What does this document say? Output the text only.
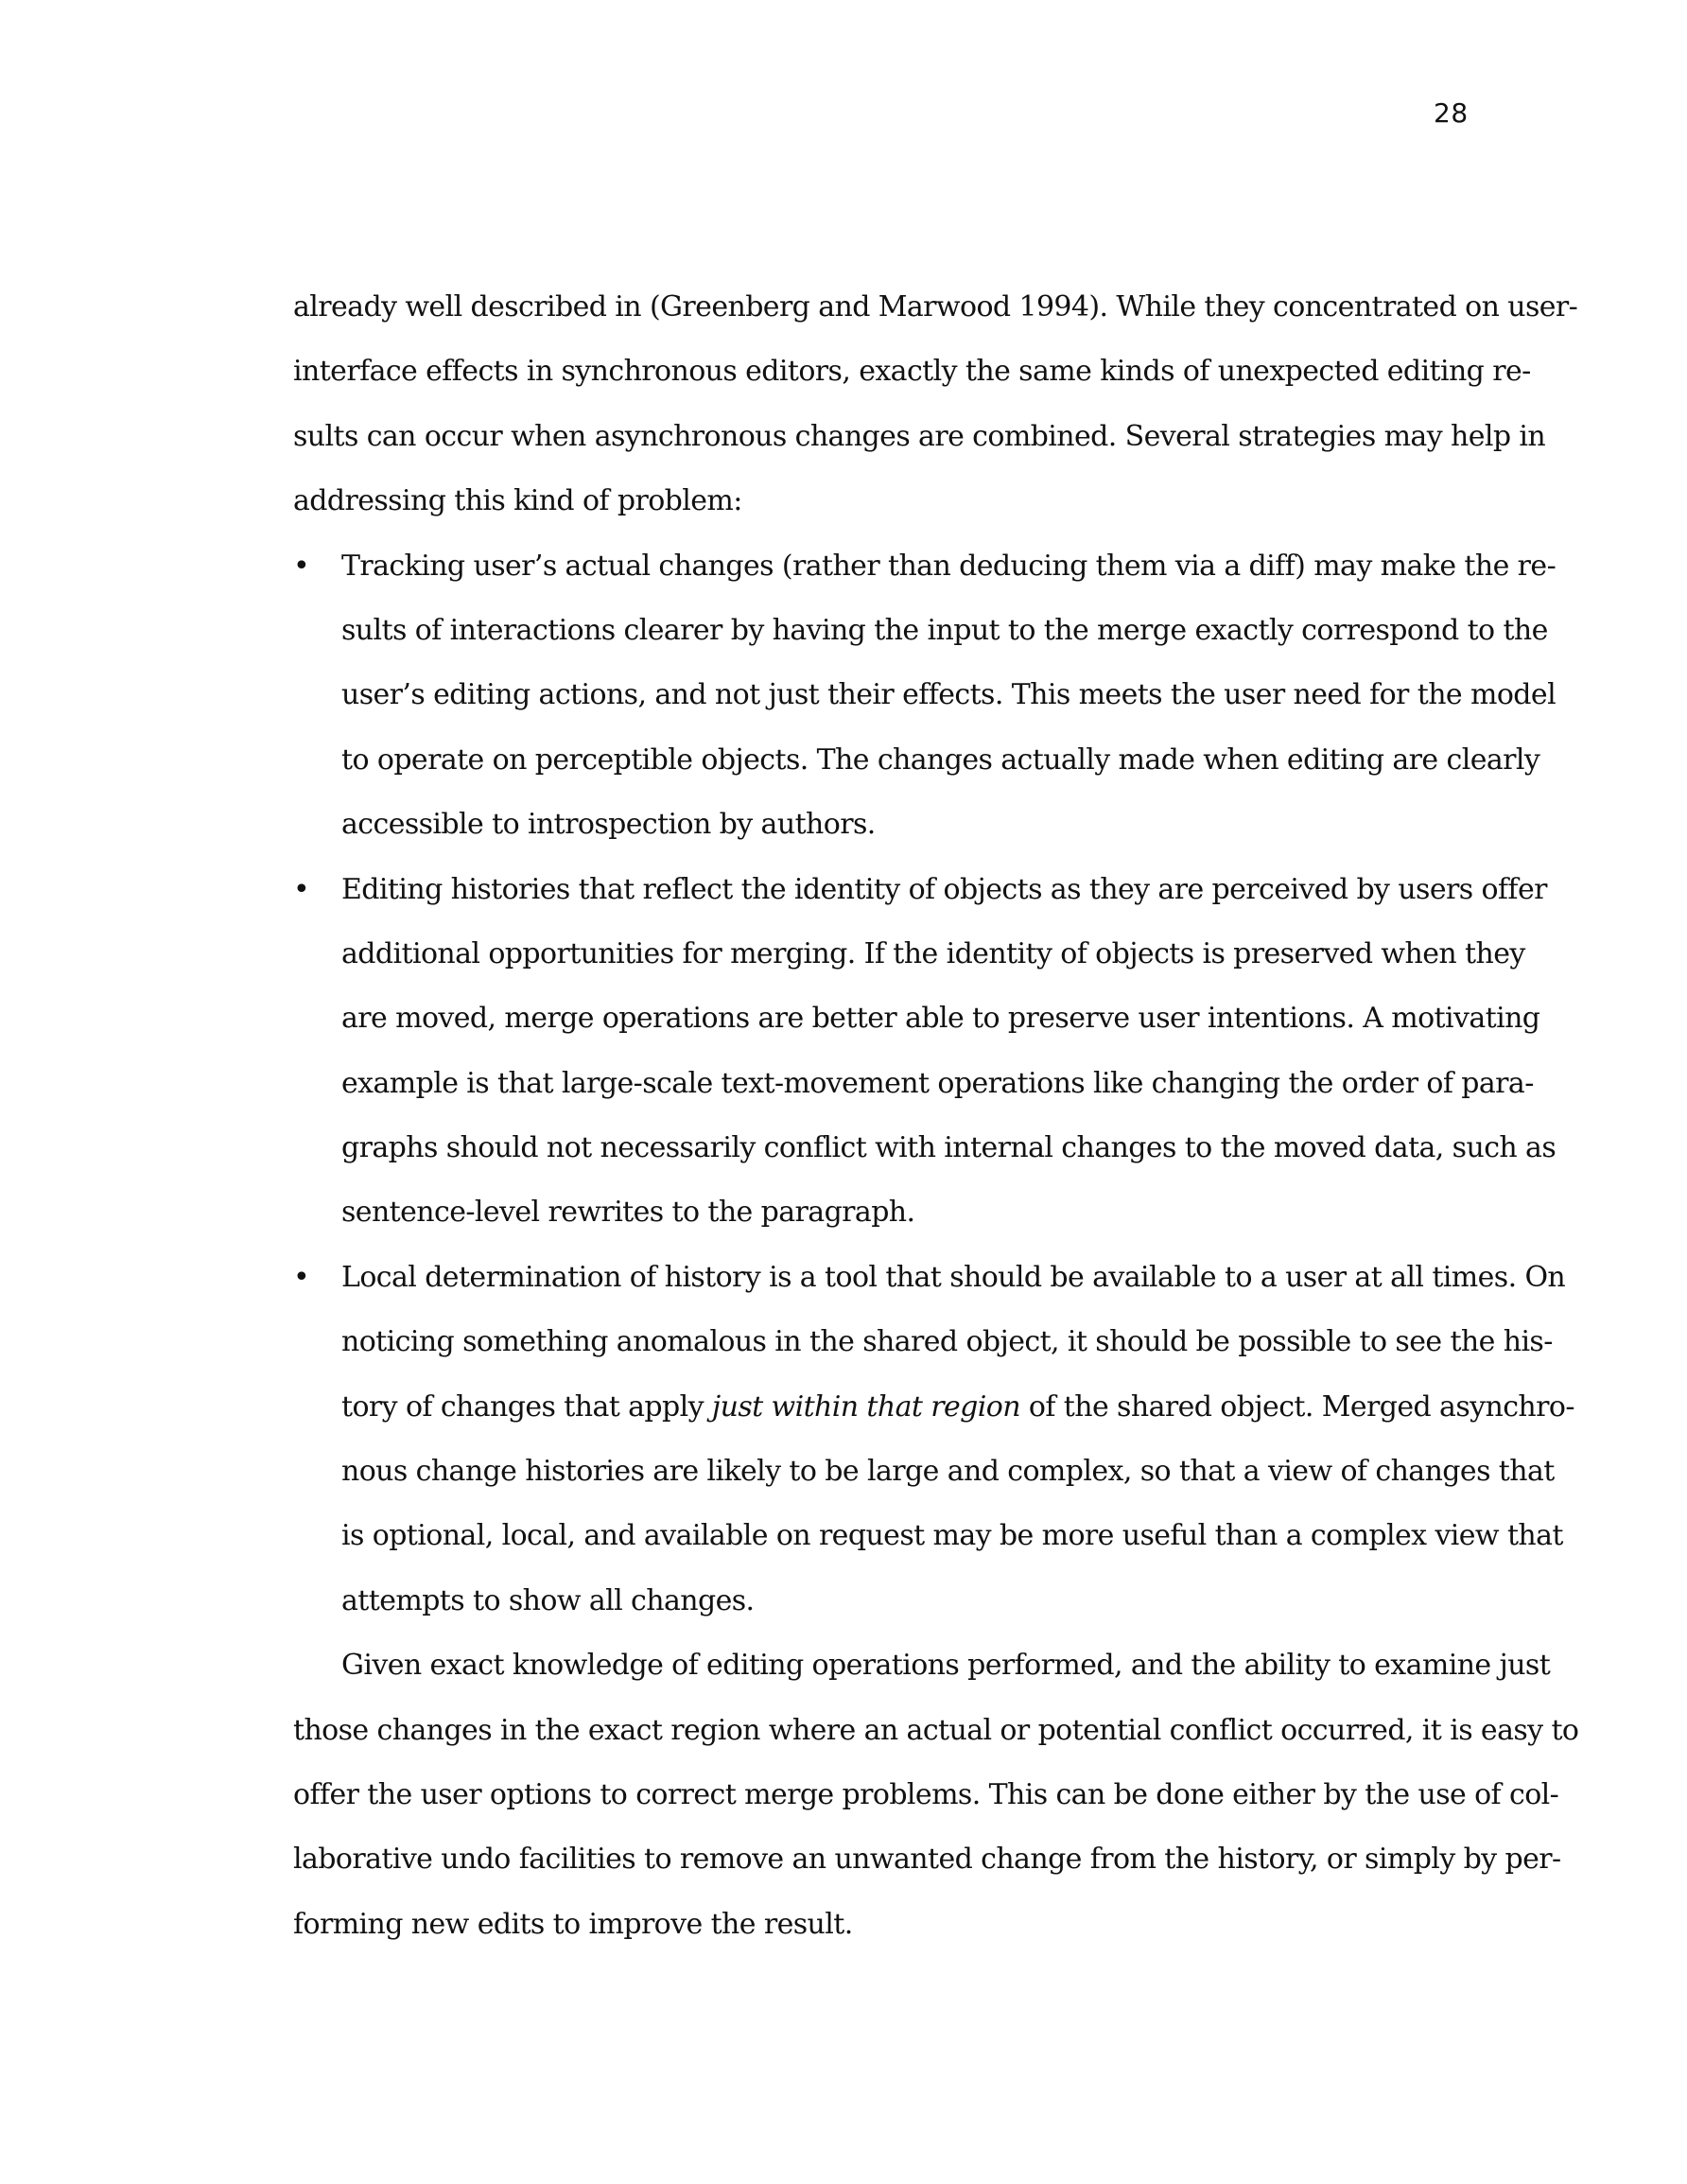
28
already well described in (Greenberg and Marwood 1994). While they concentrated on user-
interface effects in synchronous editors, exactly the same kinds of unexpected editing re-
sults can occur when asynchronous changes are combined. Several strategies may help in
addressing this kind of problem:
• Tracking user’s actual changes (rather than deducing them via a diff) may make the re-
sults of interactions clearer by having the input to the merge exactly correspond to the
user’s editing actions, and not just their effects. This meets the user need for the model
to operate on perceptible objects. The changes actually made when editing are clearly
accessible to introspection by authors.
• Editing histories that reflect the identity of objects as they are perceived by users offer
additional opportunities for merging. If the identity of objects is preserved when they
are moved, merge operations are better able to preserve user intentions. A motivating
example is that large-scale text-movement operations like changing the order of para-
graphs should not necessarily conflict with internal changes to the moved data, such as
sentence-level rewrites to the paragraph.
• Local determination of history is a tool that should be available to a user at all times. On
noticing something anomalous in the shared object, it should be possible to see the his-
tory of changes that apply just within that region of the shared object. Merged asynchro-
nous change histories are likely to be large and complex, so that a view of changes that
is optional, local, and available on request may be more useful than a complex view that
attempts to show all changes.
Given exact knowledge of editing operations performed, and the ability to examine just
those changes in the exact region where an actual or potential conflict occurred, it is easy to
offer the user options to correct merge problems. This can be done either by the use of col-
laborative undo facilities to remove an unwanted change from the history, or simply by per-
forming new edits to improve the result.
